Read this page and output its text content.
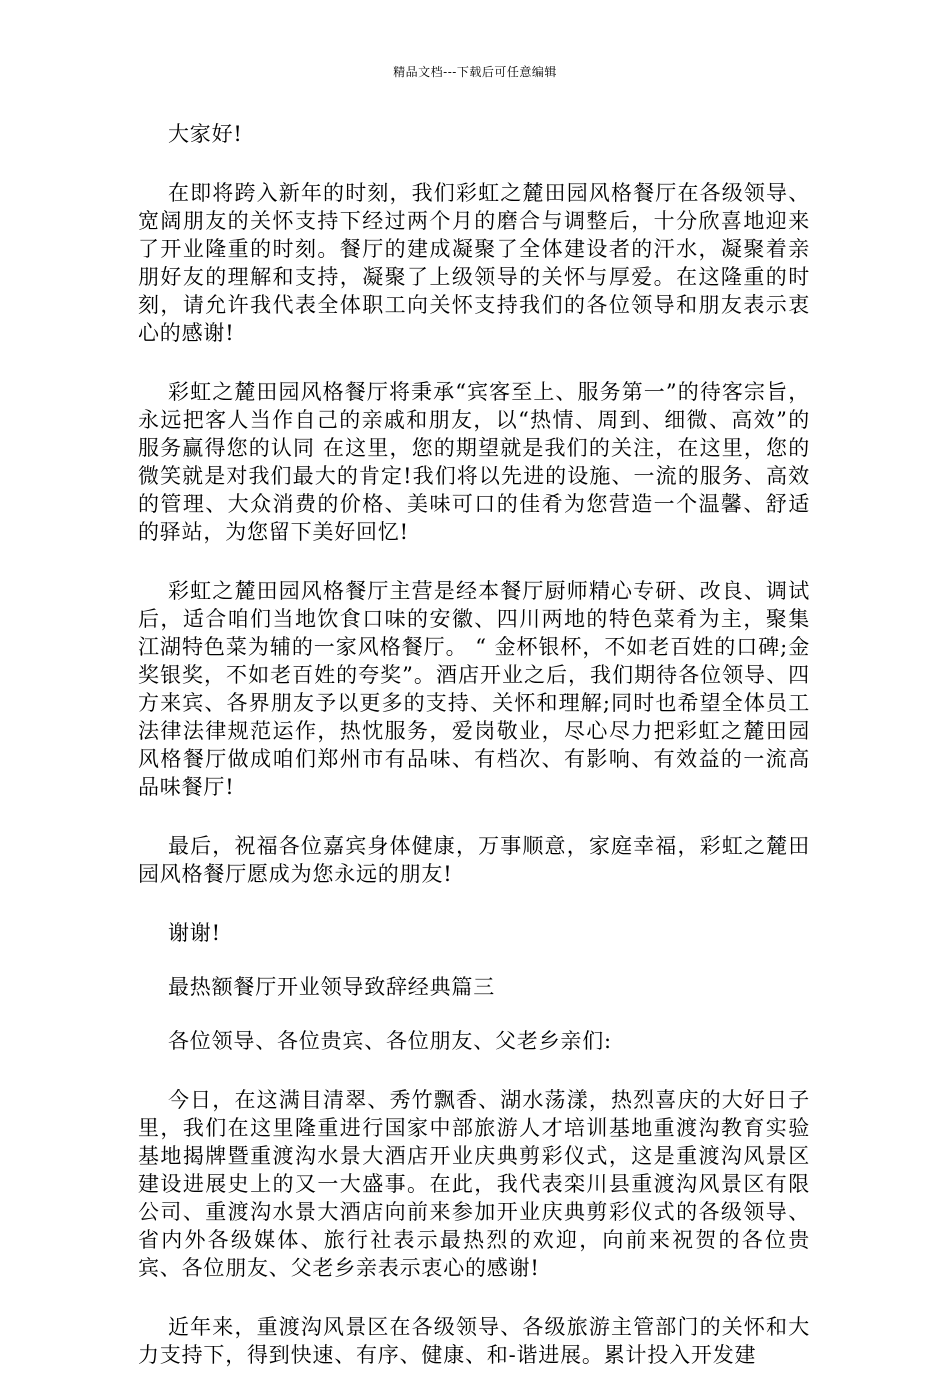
精品文档---下载后可任意编辑

大家好!

在即将跨入新年的时刻，我们彩虹之麓田园风格餐厅在各级领导、宽阔朋友的关怀支持下经过两个月的磨合与调整后，十分欣喜地迎来了开业隆重的时刻。餐厅的建成凝聚了全体建设者的汗水，凝聚着亲朋好友的理解和支持，凝聚了上级领导的关怀与厚爱。在这隆重的时刻，请允许我代表全体职工向关怀支持我们的各位领导和朋友表示衷心的感谢!

彩虹之麓田园风格餐厅将秉承“宾客至上、服务第一”的待客宗旨，永远把客人当作自己的亲戚和朋友，以“热情、周到、细微、高效”的服务赢得您的认同 在这里，您的期望就是我们的关注，在这里，您的微笑就是对我们最大的肯定!我们将以先进的设施、一流的服务、高效的管理、大众消费的价格、美味可口的佳肴为您营造一个温馨、舒适的驿站，为您留下美好回忆!

彩虹之麓田园风格餐厅主营是经本餐厅厨师精心专研、改良、调试后，适合咱们当地饮食口味的安徽、四川两地的特色菜肴为主，聚集江湖特色菜为辅的一家风格餐厅。 “ 金杯银杯，不如老百姓的口碑;金奖银奖，不如老百姓的夸奖”。酒店开业之后，我们期待各位领导、四方来宾、各界朋友予以更多的支持、关怀和理解;同时也希望全体员工法律法律规范运作，热忱服务，爱岗敬业，尽心尽力把彩虹之麓田园风格餐厅做成咱们郑州市有品味、有档次、有影响、有效益的一流高品味餐厅!

最后，祝福各位嘉宾身体健康，万事顺意，家庭幸福，彩虹之麓田园风格餐厅愿成为您永远的朋友!

谢谢!

最热额餐厅开业领导致辞经典篇三

各位领导、各位贵宾、各位朋友、父老乡亲们:

今日，在这满目清翠、秀竹飘香、湖水荡漾，热烈喜庆的大好日子里，我们在这里隆重进行国家中部旅游人才培训基地重渡沟教育实验基地揭牌暨重渡沟水景大酒店开业庆典剪彩仪式，这是重渡沟风景区建设进展史上的又一大盛事。在此，我代表栾川县重渡沟风景区有限公司、重渡沟水景大酒店向前来参加开业庆典剪彩仪式的各级领导、省内外各级媒体、旅行社表示最热烈的欢迎，向前来祝贺的各位贵宾、各位朋友、父老乡亲表示衷心的感谢!

近年来，重渡沟风景区在各级领导、各级旅游主管部门的关怀和大力支持下，得到快速、有序、健康、和-谐进展。累计投入开发建
